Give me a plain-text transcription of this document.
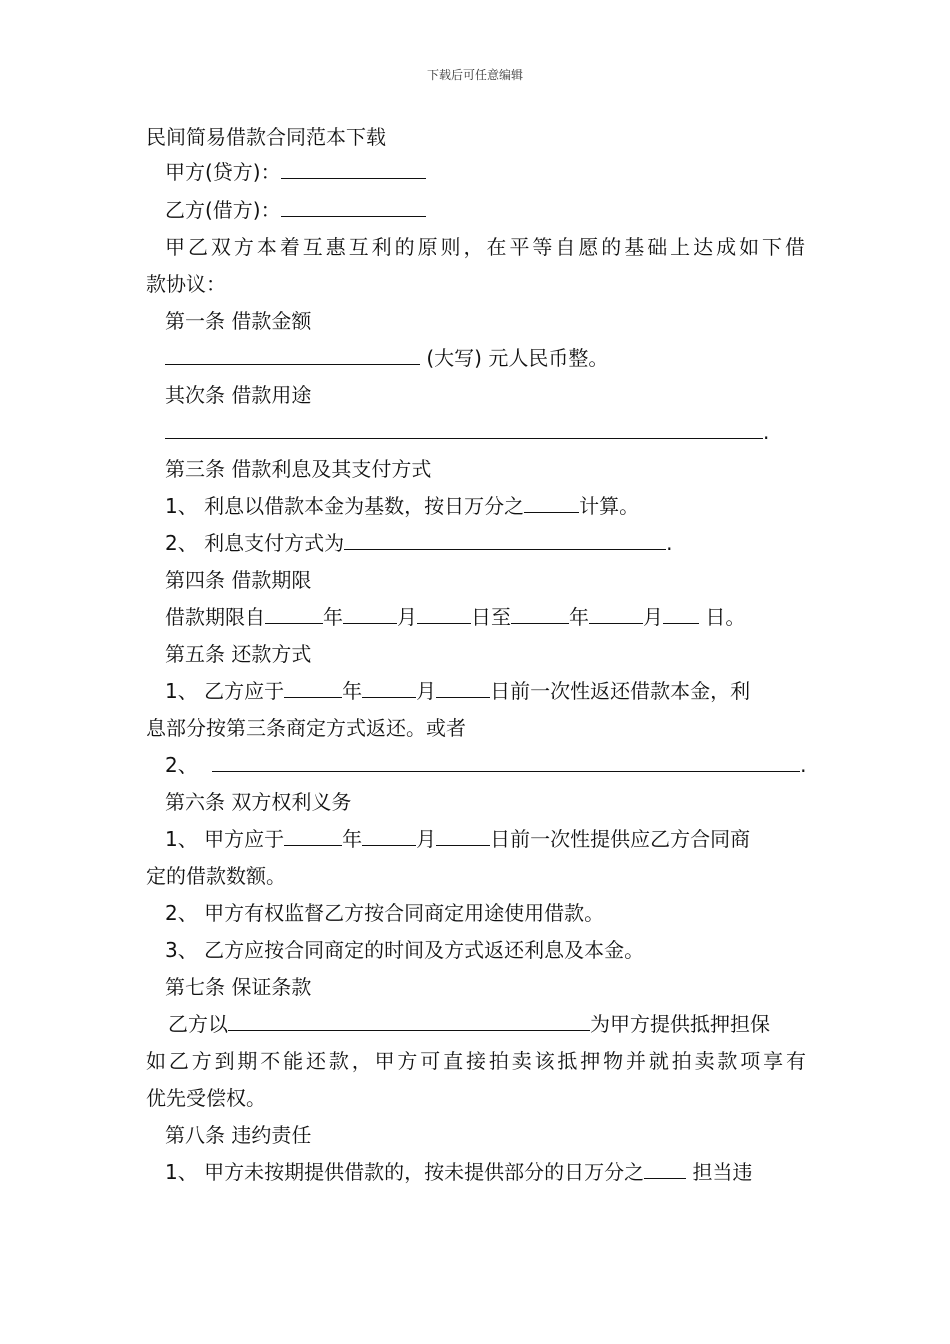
下载后可任意编辑
民间简易借款合同范本下载
甲方(贷方)：
乙方(借方)：
甲乙双方本着互惠互利的原则，在平等自愿的基础上达成如下借
款协议：
第一条 借款金额
(大写) 元人民币整。
其次条 借款用途
.
第三条 借款利息及其支付方式
1、 利息以借款本金为基数，按日万分之	计算。
2、 利息支付方式为	.
第四条 借款期限
借款期限自	年	月	日至	年	月 日。
第五条 还款方式
1、 乙方应于	年	月	日前一次性返还借款本金，利
息部分按第三条商定方式返还。或者
2、	.
第六条 双方权利义务
1、 甲方应于	年	月	日前一次性提供应乙方合同商
定的借款数额。
2、 甲方有权监督乙方按合同商定用途使用借款。
3、 乙方应按合同商定的时间及方式返还利息及本金。
第七条 保证条款
乙方以	为甲方提供抵押担保
如乙方到期不能还款，甲方可直接拍卖该抵押物并就拍卖款项享有
优先受偿权。
第八条 违约责任
1、 甲方未按期提供借款的，按未提供部分的日万分之 担当违
